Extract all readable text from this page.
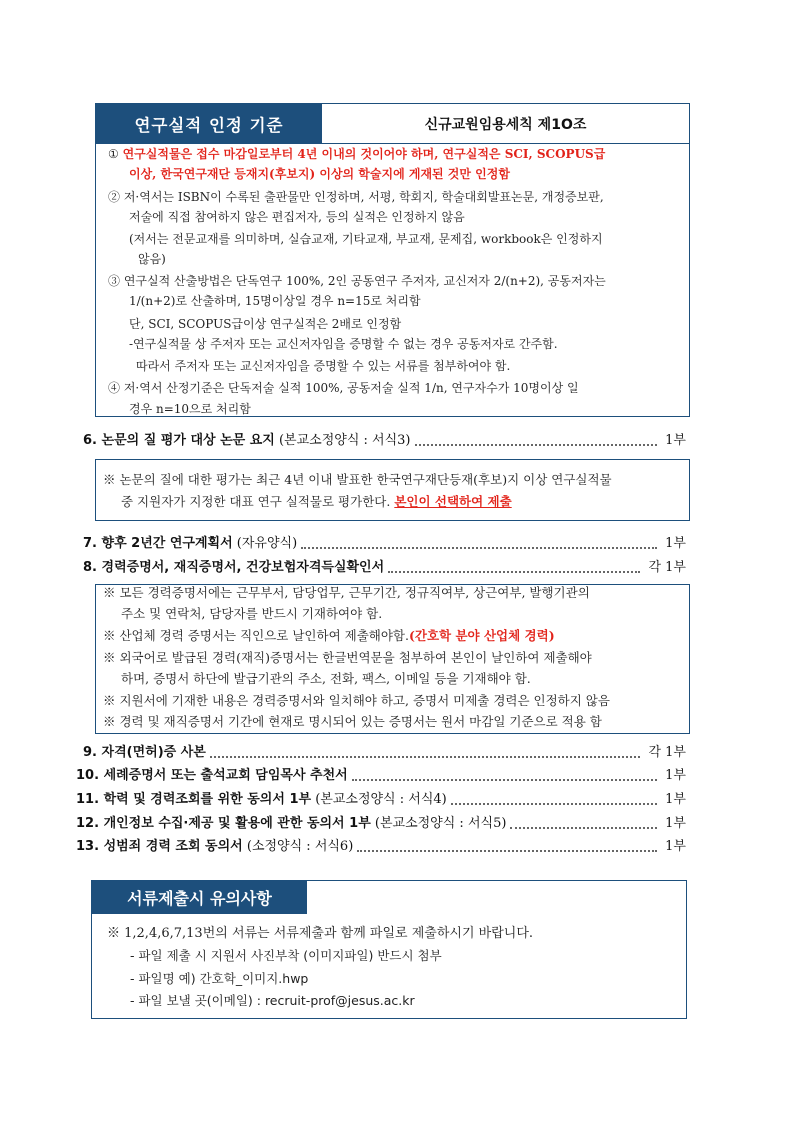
연구실적 인정 기준	신규교원임용세칙 제1O조
① 연구실적물은 접수 마감일로부터 4년 이내의 것이어야 하며, 연구실적은 SCI, SCOPUS급
이상, 한국연구재단 등재지(후보지) 이상의 학술지에 게재된 것만 인정함
② 저·역서는 ISBN이 수록된 출판물만 인정하며, 서평, 학회지, 학술대회발표논문, 개정증보판,
저술에 직접 참여하지 않은 편집저자, 등의 실적은 인정하지 않음
(저서는 전문교재를 의미하며, 실습교재, 기타교재, 부교재, 문제집, workbook은 인정하지
않음)
③ 연구실적 산출방법은 단독연구 100%, 2인 공동연구 주저자, 교신저자 2/(n+2), 공동저자는
1/(n+2)로 산출하며, 15명이상일 경우 n=15로 처리함
단, SCI, SCOPUS급이상 연구실적은 2배로 인정함
-연구실적물 상 주저자 또는 교신저자임을 증명할 수 없는 경우 공동저자로 간주함.
따라서 주저자 또는 교신저자임을 증명할 수 있는 서류를 첨부하여야 함.
④ 저·역서 산정기준은 단독저술 실적 100%, 공동저술 실적 1/n, 연구자수가 10명이상 일
경우 n=10으로 처리함
6. 논문의 질 평가 대상 논문 요지 (본교소정양식 : 서식3)	1부
7. 향후 2년간 연구계획서 (자유양식)	1부
8. 경력증명서, 재직증명서, 건강보험자격득실확인서	각 1부
9. 자격(면허)증 사본	각 1부
10. 세례증명서 또는 출석교회 담임목사 추천서	1부
11. 학력 및 경력조회를 위한 동의서 1부 (본교소정양식 : 서식4)	1부
12. 개인정보 수집·제공 및 활용에 관한 동의서 1부 (본교소정양식 : 서식5)	1부
13. 성범죄 경력 조회 동의서 (소정양식 : 서식6)	1부
※ 논문의 질에 대한 평가는 최근 4년 이내 발표한 한국연구재단등재(후보)지 이상 연구실적물
중 지원자가 지정한 대표 연구 실적물로 평가한다. 본인이 선택하여 제출
※ 모든 경력증명서에는 근무부서, 담당업무, 근무기간, 정규직여부, 상근여부, 발행기관의
주소 및 연락처, 담당자를 반드시 기재하여야 함.
※ 산업체 경력 증명서는 직인으로 날인하여 제출해야함.(간호학 분야 산업체 경력)
※ 외국어로 발급된 경력(재직)증명서는 한글번역문을 첨부하여 본인이 날인하여 제출해야
하며, 증명서 하단에 발급기관의 주소, 전화, 팩스, 이메일 등을 기재해야 함.
※ 지원서에 기재한 내용은 경력증명서와 일치해야 하고, 증명서 미제출 경력은 인정하지 않음
※ 경력 및 재직증명서 기간에 현재로 명시되어 있는 증명서는 원서 마감일 기준으로 적용 함
서류제출시 유의사항
※ 1,2,4,6,7,13번의 서류는 서류제출과 함께 파일로 제출하시기 바랍니다.
- 파일 제출 시 지원서 사진부착 (이미지파일) 반드시 첨부
- 파일명 예) 간호학_이미지.hwp
- 파일 보낼 곳(이메일) : recruit-prof@jesus.ac.kr
